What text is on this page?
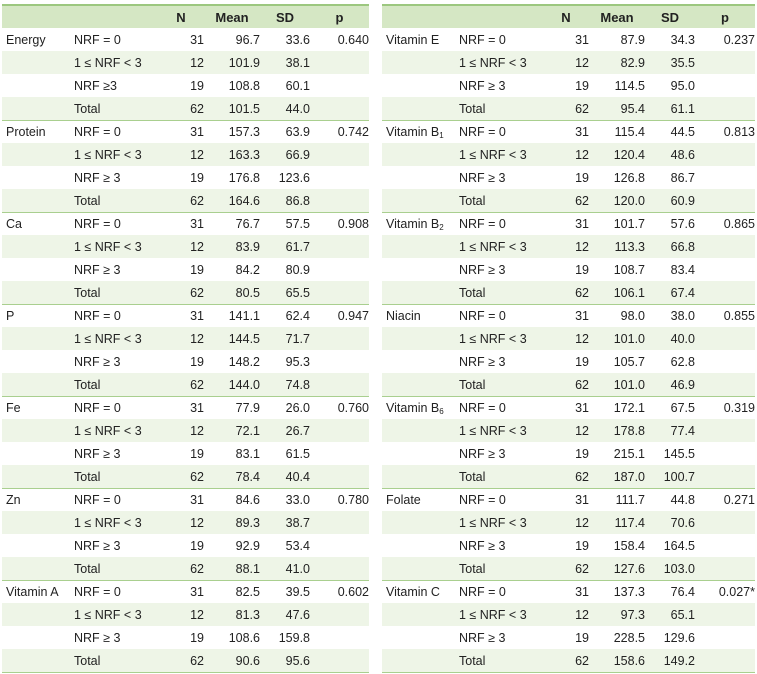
		N	Mean	SD	p
Energy	NRF = 0	31	96.7	33.6	0.640
	1 ≤ NRF < 3	12	101.9	38.1	
	NRF ≥3	19	108.8	60.1	
	Total	62	101.5	44.0	
Protein	NRF = 0	31	157.3	63.9	0.742
	1 ≤ NRF < 3	12	163.3	66.9	
	NRF ≥ 3	19	176.8	123.6	
	Total	62	164.6	86.8	
Ca	NRF = 0	31	76.7	57.5	0.908
	1 ≤ NRF < 3	12	83.9	61.7	
	NRF ≥ 3	19	84.2	80.9	
	Total	62	80.5	65.5	
P	NRF = 0	31	141.1	62.4	0.947
	1 ≤ NRF < 3	12	144.5	71.7	
	NRF ≥ 3	19	148.2	95.3	
	Total	62	144.0	74.8	
Fe	NRF = 0	31	77.9	26.0	0.760
	1 ≤ NRF < 3	12	72.1	26.7	
	NRF ≥ 3	19	83.1	61.5	
	Total	62	78.4	40.4	
Zn	NRF = 0	31	84.6	33.0	0.780
	1 ≤ NRF < 3	12	89.3	38.7	
	NRF ≥ 3	19	92.9	53.4	
	Total	62	88.1	41.0	
Vitamin A	NRF = 0	31	82.5	39.5	0.602
	1 ≤ NRF < 3	12	81.3	47.6	
	NRF ≥ 3	19	108.6	159.8	
	Total	62	90.6	95.6	
		N	Mean	SD	p
Vitamin E	NRF = 0	31	87.9	34.3	0.237
	1 ≤ NRF < 3	12	82.9	35.5	
	NRF ≥ 3	19	114.5	95.0	
	Total	62	95.4	61.1	
Vitamin $B_1$	NRF = 0	31	115.4	44.5	0.813
	1 ≤ NRF < 3	12	120.4	48.6	
	NRF ≥ 3	19	126.8	86.7	
	Total	62	120.0	60.9	
Vitamin $B_2$	NRF = 0	31	101.7	57.6	0.865
	1 ≤ NRF < 3	12	113.3	66.8	
	NRF ≥ 3	19	108.7	83.4	
	Total	62	106.1	67.4	
Niacin	NRF = 0	31	98.0	38.0	0.855
	1 ≤ NRF < 3	12	101.0	40.0	
	NRF ≥ 3	19	105.7	62.8	
	Total	62	101.0	46.9	
Vitamin $B_6$	NRF = 0	31	172.1	67.5	0.319
	1 ≤ NRF < 3	12	178.8	77.4	
	NRF ≥ 3	19	215.1	145.5	
	Total	62	187.0	100.7	
Folate	NRF = 0	31	111.7	44.8	0.271
	1 ≤ NRF < 3	12	117.4	70.6	
	NRF ≥ 3	19	158.4	164.5	
	Total	62	127.6	103.0	
Vitamin C	NRF = 0	31	137.3	76.4	0.027*
	1 ≤ NRF < 3	12	97.3	65.1	
	NRF ≥ 3	19	228.5	129.6	
	Total	62	158.6	149.2	
